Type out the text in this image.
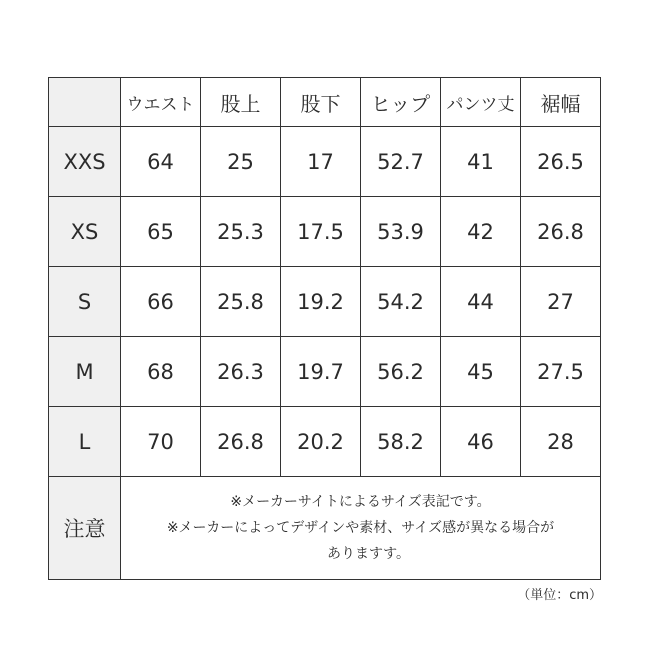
	ウエスト	股上	股下	ヒップ	パンツ丈	裾幅
XXS	64	25	17	52.7	41	26.5
XS	65	25.3	17.5	53.9	42	26.8
S	66	25.8	19.2	54.2	44	27
M	68	26.3	19.7	56.2	45	27.5
L	70	26.8	20.2	58.2	46	28
注意	※メーカーサイトによるサイズ表記です。
※メーカーによってデザインや素材、サイズ感が異なる場合が
ありますす。					
（単位：cm）
